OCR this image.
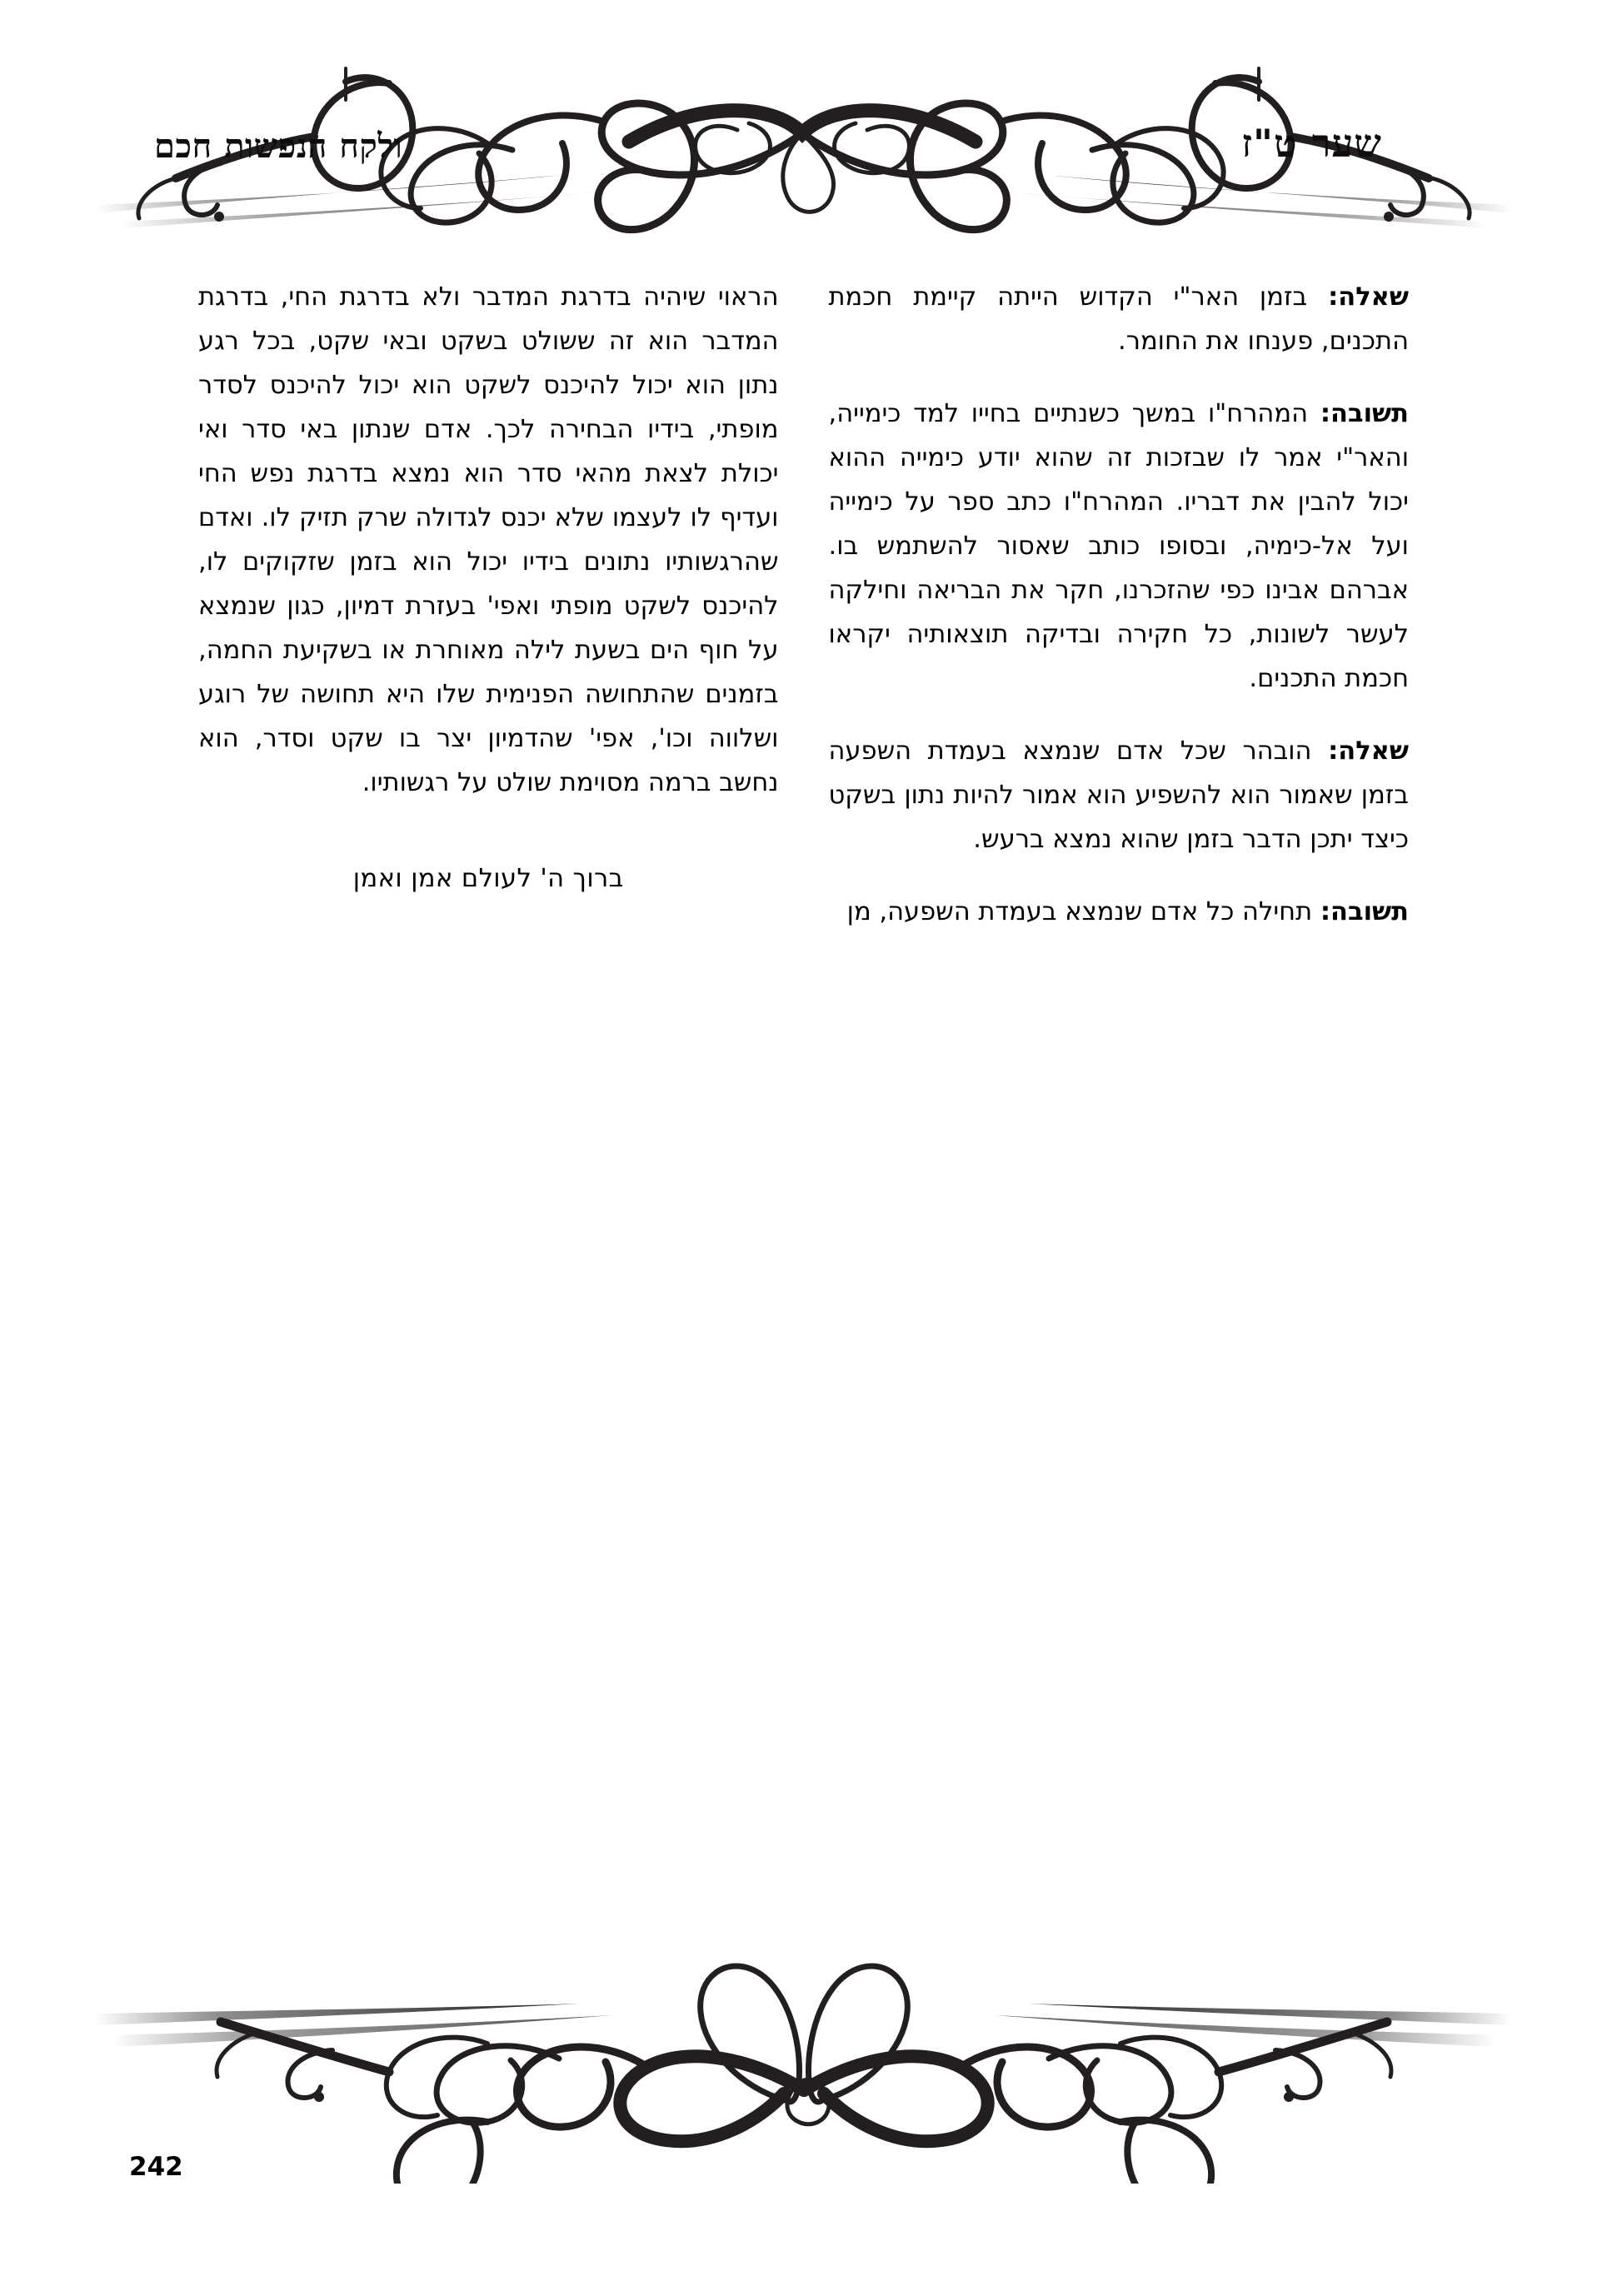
שער ט"ז
ולקח הנפשות חכם

שאלה: בזמן האר"י הקדוש הייתה קיימת חכמת התכנים, פענחו את החומר.

תשובה: המהרח"ו במשך כשנתיים בחייו למד כימייה, והאר"י אמר לו שבזכות זה שהוא יודע כימייה ההוא יכול להבין את דבריו. המהרח"ו כתב ספר על כימייה ועל אל-כימיה, ובסופו כותב שאסור להשתמש בו. אברהם אבינו כפי שהזכרנו, חקר את הבריאה וחילקה לעשר לשונות, כל חקירה ובדיקה תוצאותיה יקראו חכמת התכנים.

שאלה: הובהר שכל אדם שנמצא בעמדת השפעה בזמן שאמור הוא להשפיע הוא אמור להיות נתון בשקט כיצד יתכן הדבר בזמן שהוא נמצא ברעש.

תשובה: תחילה כל אדם שנמצא בעמדת השפעה, מן

הראוי שיהיה בדרגת המדבר ולא בדרגת החי, בדרגת המדבר הוא זה ששולט בשקט ובאי שקט, בכל רגע נתון הוא יכול להיכנס לשקט הוא יכול להיכנס לסדר מופתי, בידיו הבחירה לכך. אדם שנתון באי סדר ואי יכולת לצאת מהאי סדר הוא נמצא בדרגת נפש החי ועדיף לו לעצמו שלא יכנס לגדולה שרק תזיק לו. ואדם שהרגשותיו נתונים בידיו יכול הוא בזמן שזקוקים לו, להיכנס לשקט מופתי ואפי' בעזרת דמיון, כגון שנמצא על חוף הים בשעת לילה מאוחרת או בשקיעת החמה, בזמנים שהתחושה הפנימית שלו היא תחושה של רוגע ושלווה וכו', אפי' שהדמיון יצר בו שקט וסדר, הוא נחשב ברמה מסוימת שולט על רגשותיו.

ברוך ה' לעולם אמן ואמן

242
